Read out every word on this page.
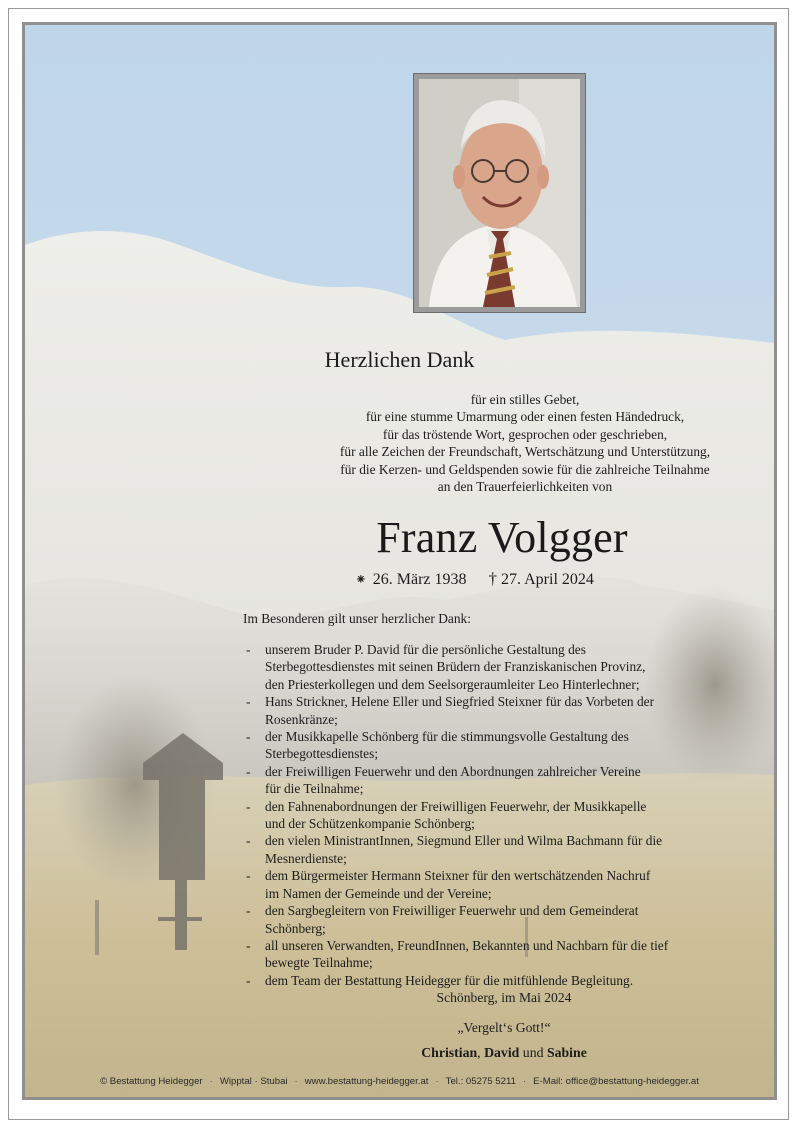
Herzlichen Dank
für ein stilles Gebet,
für eine stumme Umarmung oder einen festen Händedruck,
für das tröstende Wort, gesprochen oder geschrieben,
für alle Zeichen der Freundschaft, Wertschätzung und Unterstützung,
für die Kerzen- und Geldspenden sowie für die zahlreiche Teilnahme
an den Trauerfeierlichkeiten von
Franz Volgger
⁕ 26. März 1938 † 27. April 2024
Im Besonderen gilt unser herzlicher Dank:
- unserem Bruder P. David für die persönliche Gestaltung des
Sterbegottesdienstes mit seinen Brüdern der Franziskanischen Provinz,
den Priesterkollegen und dem Seelsorgeraumleiter Leo Hinterlechner;
- Hans Strickner, Helene Eller und Siegfried Steixner für das Vorbeten der
Rosenkränze;
- der Musikkapelle Schönberg für die stimmungsvolle Gestaltung des
Sterbegottesdienstes;
- der Freiwilligen Feuerwehr und den Abordnungen zahlreicher Vereine
für die Teilnahme;
- den Fahnenabordnungen der Freiwilligen Feuerwehr, der Musikkapelle
und der Schützenkompanie Schönberg;
- den vielen MinistrantInnen, Siegmund Eller und Wilma Bachmann für die
Mesnerdienste;
- dem Bürgermeister Hermann Steixner für den wertschätzenden Nachruf
im Namen der Gemeinde und der Vereine;
- den Sargbegleitern von Freiwilliger Feuerwehr und dem Gemeinderat
Schönberg;
- all unseren Verwandten, FreundInnen, Bekannten und Nachbarn für die tief
bewegte Teilnahme;
- dem Team der Bestattung Heidegger für die mitfühlende Begleitung.
Schönberg, im Mai 2024
„Vergelt‘s Gott!“
Christian, David und Sabine
© Bestattung Heidegger · Wipptal · Stubai · www.bestattung-heidegger.at · Tel.: 05275 5211 · E-Mail: office@bestattung-heidegger.at
